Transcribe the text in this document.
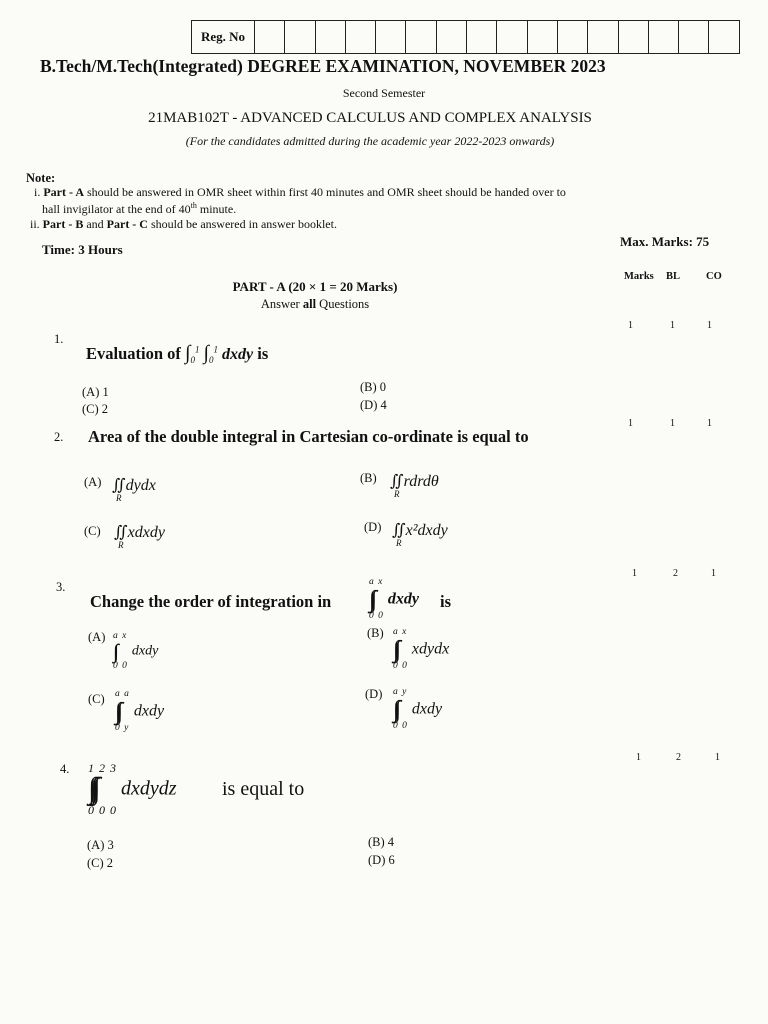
Reg. No
B.Tech/M.Tech(Integrated) DEGREE EXAMINATION, NOVEMBER 2023
Second Semester
21MAB102T - ADVANCED CALCULUS AND COMPLEX ANALYSIS
(For the candidates admitted during the academic year 2022-2023 onwards)
Note:
i. Part - A should be answered in OMR sheet within first 40 minutes and OMR sheet should be handed over to
hall invigilator at the end of 40th minute.
ii. Part - B and Part - C should be answered in answer booklet.
Max. Marks: 75
Time: 3 Hours
Marks BL CO
PART - A (20 × 1 = 20 Marks)
Answer all Questions
1.
1	1	1
Evaluation of $\int_0^1$ $\int_0^1$ dxdy is
(A) 1	(B) 0
(C) 2	(D) 4
2.
1	1	1
Area of the double integral in Cartesian co-ordinate is equal to
(A) ∬dydx
R
(B) ∬rdrdθ
R
(C) ∬xdxdy
R
(D) ∬x²dxdy
R
3.
1	2	1
Change the order of integration in
a x
∫∫
0 0
dxdy is
(A) a x
∫∫
0 0
dxdy
(B) a x
∫∫
0 0
xdydx
(C) a a
∫∫
0 y
dxdy
(D) a y
∫∫
0 0
dxdy
4.
1	2	1
1 2 3
∫∫∫
0 0 0
dxdydz is equal to
(A) 3	(B) 4
(C) 2	(D) 6
